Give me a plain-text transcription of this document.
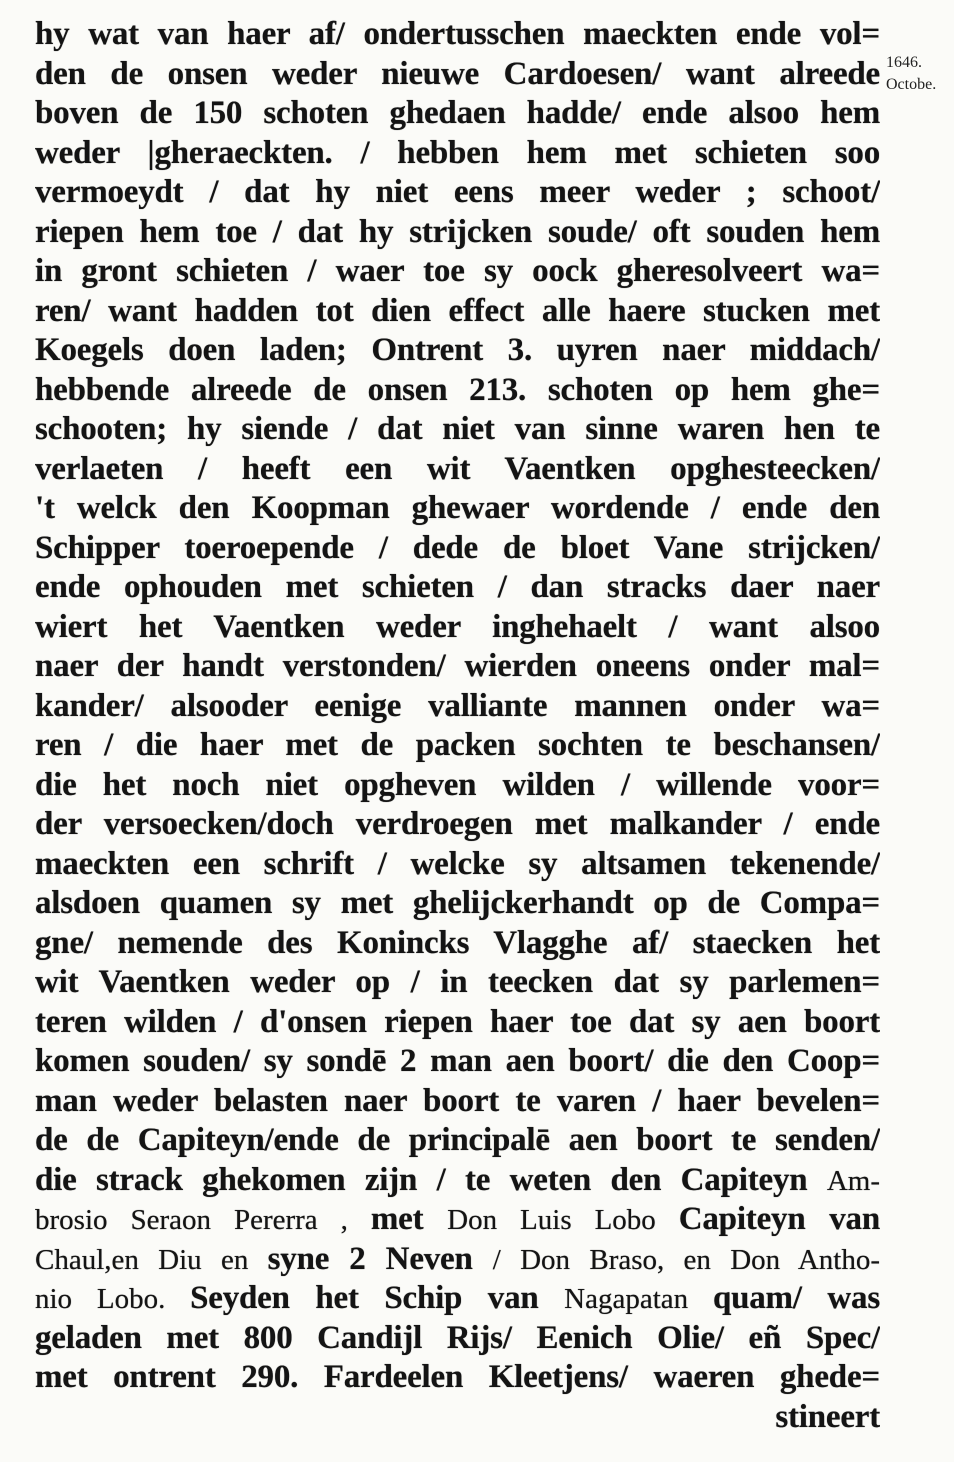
1646.
Octobe.
hy wat van haer af/ ondertusschen maeckten ende vol=
den de onsen weder nieuwe Cardoesen/ want alreede
boven de 150 schoten ghedaen hadde/ ende alsoo hem
weder |gheraeckten. / hebben hem met schieten soo
vermoeydt / dat hy niet eens meer weder ; schoot/
riepen hem toe / dat hy strijcken soude/ oft souden hem
in gront schieten / waer toe sy oock gheresolveert wa=
ren/ want hadden tot dien effect alle haere stucken met
Koegels doen laden; Ontrent 3. uyren naer middach/
hebbende alreede de onsen 213. schoten op hem ghe=
schooten; hy siende / dat niet van sinne waren hen te
verlaeten / heeft een wit Vaentken opghesteecken/
't welck den Koopman ghewaer wordende / ende den
Schipper toeroepende / dede de bloet Vane strijcken/
ende ophouden met schieten / dan stracks daer naer
wiert het Vaentken weder inghehaelt / want alsoo
naer der handt verstonden/ wierden oneens onder mal=
kander/ alsooder eenige valliante mannen onder wa=
ren / die haer met de packen sochten te beschansen/
die het noch niet opgheven wilden / willende voor=
der versoecken/doch verdroegen met malkander / ende
maeckten een schrift / welcke sy altsamen tekenende/
alsdoen quamen sy met ghelijckerhandt op de Compa=
gne/ nemende des Konincks Vlagghe af/ staecken het
wit Vaentken weder op / in teecken dat sy parlemen=
teren wilden / d'onsen riepen haer toe dat sy aen boort
komen souden/ sy sondē 2 man aen boort/ die den Coop=
man weder belasten naer boort te varen / haer bevelen=
de de Capiteyn/ende de principalē aen boort te senden/
die strack ghekomen zijn / te weten den Capiteyn Am-
brosio Seraon Pererra , met Don Luis Lobo Capiteyn van
Chaul,en Diu en syne 2 Neven / Don Braso, en Don Antho-
nio Lobo. Seyden het Schip van Nagapatan quam/ was
geladen met 800 Candijl Rijs/ Eenich Olie/ eñ Spec/
met ontrent 290. Fardeelen Kleetjens/ waeren ghede=
stineert
